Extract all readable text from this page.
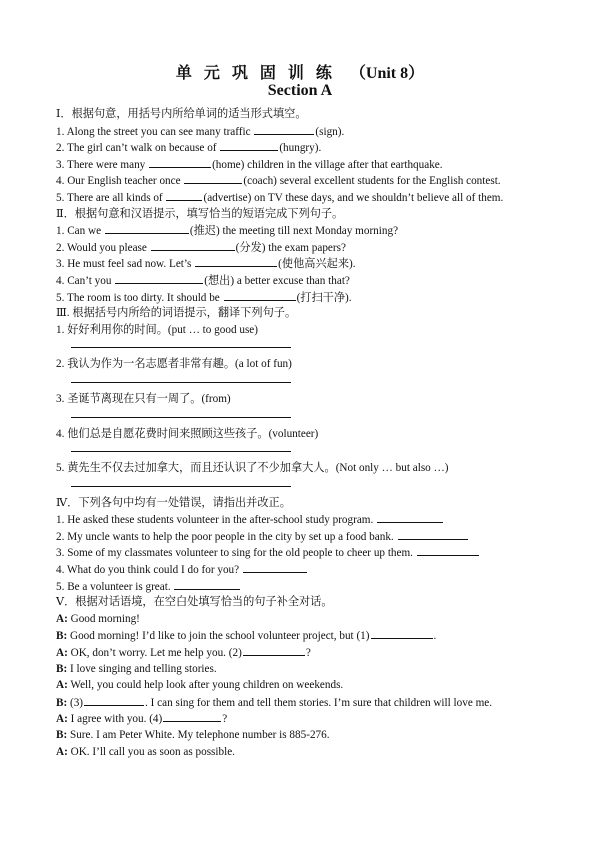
单 元 巩 固 训 练 （Unit 8）
Section A
Ⅰ．根据句意，用括号内所给单词的适当形式填空。
1. Along the street you can see many traffic	(sign).
2. The girl can’t walk on because of	(hungry).
3. There were many	(home) children in the village after that earthquake.
4. Our English teacher once	(coach) several excellent students for the English contest.
5. There are all kinds of	(advertise) on TV these days, and we shouldn’t believe all of them.
Ⅱ．根据句意和汉语提示，填写恰当的短语完成下列句子。
1. Can we	(推迟) the meeting till next Monday morning?
2. Would you please	(分发) the exam papers?
3. He must feel sad now. Let’s	(使他高兴起来).
4. Can’t you	(想出) a better excuse than that?
5. The room is too dirty. It should be	(打扫干净).
Ⅲ. 根据括号内所给的词语提示，翻译下列句子。
1. 好好利用你的时间。(put … to good use)
2. 我认为作为一名志愿者非常有趣。(a lot of fun)
3. 圣诞节离现在只有一周了。(from)
4. 他们总是自愿花费时间来照顾这些孩子。(volunteer)
5. 黄先生不仅去过加拿大，而且还认识了不少加拿大人。(Not only … but also …)
Ⅳ．下列各句中均有一处错误，请指出并改正。
1. He asked these students volunteer in the after-school study program.
2. My uncle wants to help the poor people in the city by set up a food bank.
3. Some of my classmates volunteer to sing for the old people to cheer up them.
4. What do you think could I do for you?
5. Be a volunteer is great.
Ⅴ．根据对话语境，在空白处填写恰当的句子补全对话。
A: Good morning!
B: Good morning! I’d like to join the school volunteer project, but (1)	.
A: OK, don’t worry. Let me help you. (2)	?
B: I love singing and telling stories.
A: Well, you could help look after young children on weekends.
B: (3)	. I can sing for them and tell them stories. I’m sure that children will love me.
A: I agree with you. (4)	?
B: Sure. I am Peter White. My telephone number is 885-276.
A: OK. I’ll call you as soon as possible.
